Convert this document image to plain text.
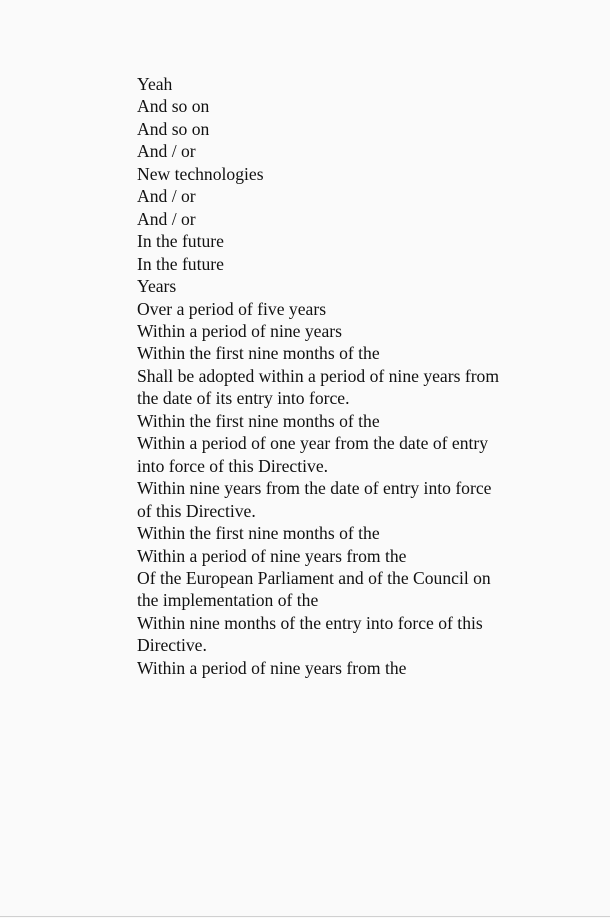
Yeah
And so on
And so on
And / or
New technologies
And / or
And / or
In the future
In the future
Years
Over a period of five years
Within a period of nine years
Within the first nine months of the
Shall be adopted within a period of nine years from
the date of its entry into force.
Within the first nine months of the
Within a period of one year from the date of entry
into force of this Directive.
Within nine years from the date of entry into force
of this Directive.
Within the first nine months of the
Within a period of nine years from the
Of the European Parliament and of the Council on
the implementation of the
Within nine months of the entry into force of this
Directive.
Within a period of nine years from the
